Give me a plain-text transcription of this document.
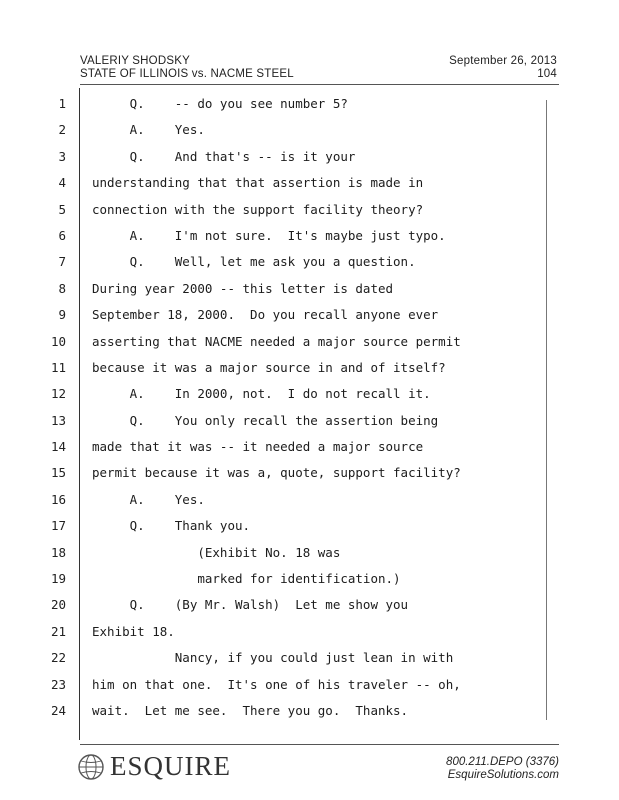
VALERIY SHODSKY
STATE OF ILLINOIS vs. NACME STEEL
September 26, 2013
104
1 Q.    -- do you see number 5?
2 A.    Yes.
3 Q.    And that's -- is it your
4 understanding that that assertion is made in
5 connection with the support facility theory?
6 A.    I'm not sure.  It's maybe just typo.
7 Q.    Well, let me ask you a question.
8 During year 2000 -- this letter is dated
9 September 18, 2000.  Do you recall anyone ever
10 asserting that NACME needed a major source permit
11 because it was a major source in and of itself?
12 A.    In 2000, not.  I do not recall it.
13 Q.    You only recall the assertion being
14 made that it was -- it needed a major source
15 permit because it was a, quote, support facility?
16 A.    Yes.
17 Q.    Thank you.
18 (Exhibit No. 18 was
19 marked for identification.)
20 Q.    (By Mr. Walsh)  Let me show you
21 Exhibit 18.
22 Nancy, if you could just lean in with
23 him on that one.  It's one of his traveler -- oh,
24 wait.  Let me see.  There you go.  Thanks.
ESQUIRE	800.211.DEPO (3376)
EsquireSolutions.com
